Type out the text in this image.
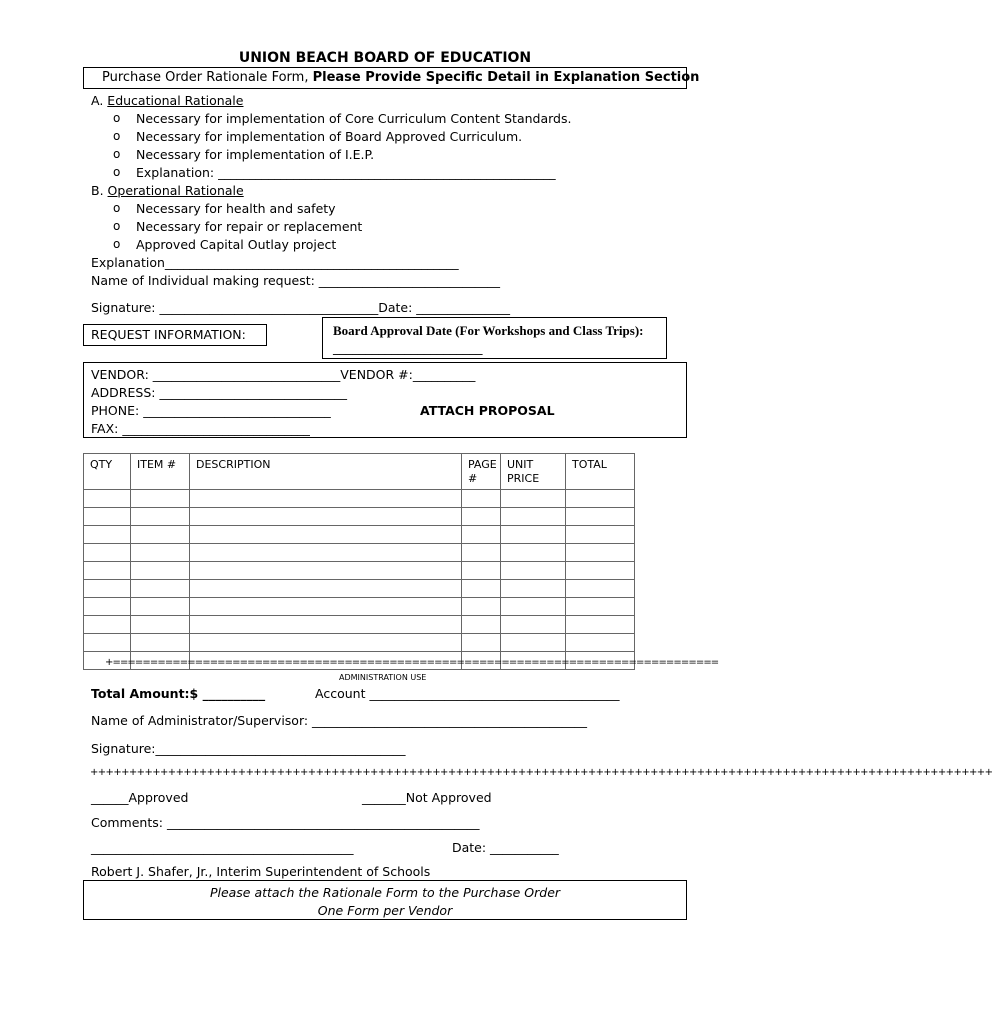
UNION BEACH BOARD OF EDUCATION
Purchase Order Rationale Form, Please Provide Specific Detail in Explanation Section
A. Educational Rationale
o Necessary for implementation of Core Curriculum Content Standards.
o Necessary for implementation of Board Approved Curriculum.
o Necessary for implementation of I.E.P.
o Explanation: ______________________________________________________
B. Operational Rationale
o Necessary for health and safety
o Necessary for repair or replacement
o Approved Capital Outlay project
Explanation_______________________________________________
Name of Individual making request: _____________________________
Signature: ___________________________________Date: _______________
REQUEST INFORMATION:	Board Approval Date (For Workshops and Class Trips): _______________________
VENDOR: ______________________________VENDOR #:__________
ADDRESS: ______________________________
PHONE: ______________________________
FAX: ______________________________
ATTACH PROPOSAL
QTY	ITEM #	DESCRIPTION	PAGE #	UNIT PRICE	TOTAL

+=================================================================================
ADMINISTRATION USE
Total Amount:$ __________	Account ________________________________________
Name of Administrator/Supervisor: ____________________________________________
Signature:________________________________________
++++++++++++++++++++++++++++++++++++++++++++++++++++++++++++++++++++++++++++++++++++++++++++++++++++++++++++++++++++
______Approved	_______Not Approved
Comments: __________________________________________________
__________________________________________	Date: ___________
Robert J. Shafer, Jr., Interim Superintendent of Schools
Please attach the Rationale Form to the Purchase Order
One Form per Vendor
